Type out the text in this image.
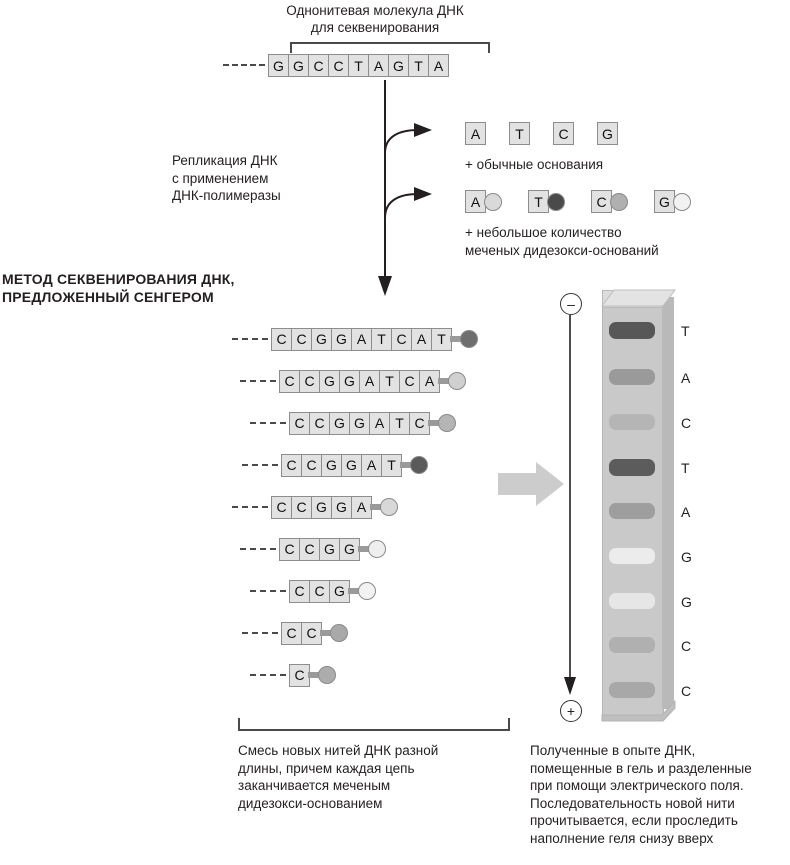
Однонитевая молекула ДНК
для секвенирования
G G C C T A G T A
Репликация ДНК
с применением
ДНК-полимеразы
A	T	C	G
+ обычные основания
A	T	C	G
+ небольшое количество
меченых дидезокси-оснований
МЕТОД СЕКВЕНИРОВАНИЯ ДНК,
ПРЕДЛОЖЕННЫЙ СЕНГЕРОМ
C C G G A T C A T
C C G G A T C A
C C G G A T C
C C G G A T
C C G G A
C C G G
C C G
C C
C
Смесь новых нитей ДНК разной
длины, причем каждая цепь
заканчивается меченым
дидезокси-основанием
T
A
C
T
A
G
G
C
C
–
+
Полученные в опыте ДНК,
помещенные в гель и разделенные
при помощи электрического поля.
Последовательность новой нити
прочитывается, если проследить
наполнение геля снизу вверх
